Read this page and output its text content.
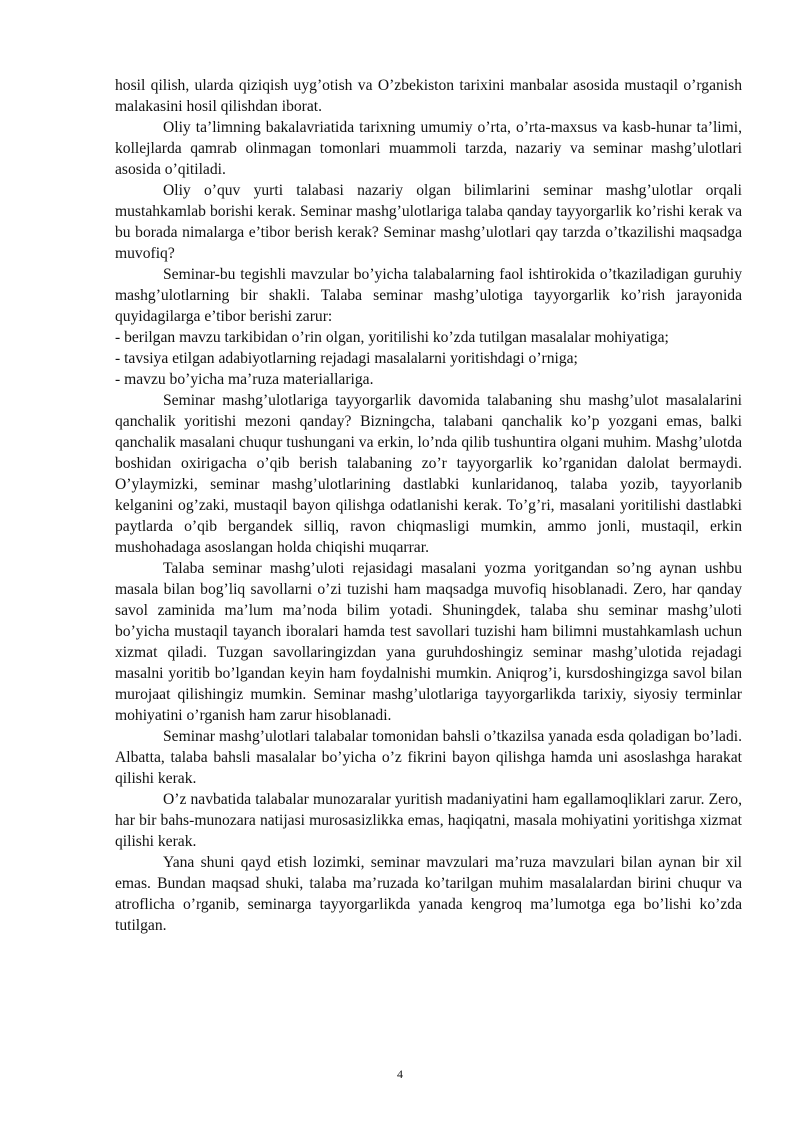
hosil qilish, ularda qiziqish uyg’otish va O’zbekiston tarixini manbalar asosida mustaqil o’rganish malakasini hosil qilishdan iborat.

Oliy ta’limning bakalavriatida tarixning umumiy o’rta, o’rta-maxsus va kasb-hunar ta’limi, kollejlarda qamrab olinmagan tomonlari muammoli tarzda, nazariy va seminar mashg’ulotlari asosida o’qitiladi.

Oliy o’quv yurti talabasi nazariy olgan bilimlarini seminar mashg’ulotlar orqali mustahkamlab borishi kerak. Seminar mashg’ulotlariga talaba qanday tayyorgarlik ko’rishi kerak va bu borada nimalarga e’tibor berish kerak? Seminar mashg’ulotlari qay tarzda o’tkazilishi maqsadga muvofiq?

Seminar-bu tegishli mavzular bo’yicha talabalarning faol ishtirokida o’tkaziladigan guruhiy mashg’ulotlarning bir shakli. Talaba seminar mashg’ulotiga tayyorgarlik ko’rish jarayonida quyidagilarga e’tibor berishi zarur:

- berilgan mavzu tarkibidan o’rin olgan, yoritilishi ko’zda tutilgan masalalar mohiyatiga;

- tavsiya etilgan adabiyotlarning rejadagi masalalarni yoritishdagi o’rniga;

- mavzu bo’yicha ma’ruza materiallariga.

Seminar mashg’ulotlariga tayyorgarlik davomida talabaning shu mashg’ulot masalalarini qanchalik yoritishi mezoni qanday? Bizningcha, talabani qanchalik ko’p yozgani emas, balki qanchalik masalani chuqur tushungani va erkin, lo’nda qilib tushuntira olgani muhim. Mashg’ulotda boshidan oxirigacha o’qib berish talabaning zo’r tayyorgarlik ko’rganidan dalolat bermaydi. O’ylaymizki, seminar mashg’ulotlarining dastlabki kunlaridanoq, talaba yozib, tayyorlanib kelganini og’zaki, mustaqil bayon qilishga odatlanishi kerak. To’g’ri, masalani yoritilishi dastlabki paytlarda o’qib bergandek silliq, ravon chiqmasligi mumkin, ammo jonli, mustaqil, erkin mushohadaga asoslangan holda chiqishi muqarrar.

Talaba seminar mashg’uloti rejasidagi masalani yozma yoritgandan so’ng aynan ushbu masala bilan bog’liq savollarni o’zi tuzishi ham maqsadga muvofiq hisoblanadi. Zero, har qanday savol zaminida ma’lum ma’noda bilim yotadi. Shuningdek, talaba shu seminar mashg’uloti bo’yicha mustaqil tayanch iboralari hamda test savollari tuzishi ham bilimni mustahkamlash uchun xizmat qiladi. Tuzgan savollaringizdan yana guruhdoshingiz seminar mashg’ulotida rejadagi masalni yoritib bo’lgandan keyin ham foydalnishi mumkin. Aniqrog’i, kursdoshingizga savol bilan murojaat qilishingiz mumkin. Seminar mashg’ulotlariga tayyorgarlikda tarixiy, siyosiy terminlar mohiyatini o’rganish ham zarur hisoblanadi.

Seminar mashg’ulotlari talabalar tomonidan bahsli o’tkazilsa yanada esda qoladigan bo’ladi. Albatta, talaba bahsli masalalar bo’yicha o’z fikrini bayon qilishga hamda uni asoslashga harakat qilishi kerak.

O’z navbatida talabalar munozaralar yuritish madaniyatini ham egallamoqliklari zarur. Zero, har bir bahs-munozara natijasi murosasizlikka emas, haqiqatni, masala mohiyatini yoritishga xizmat qilishi kerak.

Yana shuni qayd etish lozimki, seminar mavzulari ma’ruza mavzulari bilan aynan bir xil emas. Bundan maqsad shuki, talaba ma’ruzada ko’tarilgan muhim masalalardan birini chuqur va atroflicha o’rganib, seminarga tayyorgarlikda yanada kengroq ma’lumotga ega bo’lishi ko’zda tutilgan.

4
